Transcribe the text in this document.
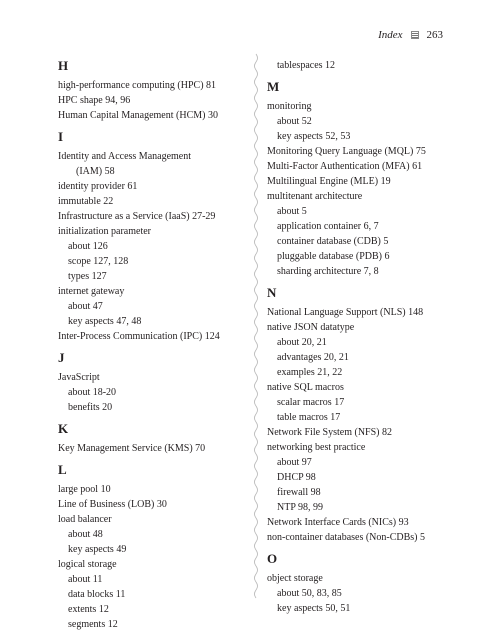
Index 263
H
high-performance computing (HPC) 81
HPC shape 94, 96
Human Capital Management (HCM) 30
I
Identity and Access Management
(IAM) 58
identity provider 61
immutable 22
Infrastructure as a Service (IaaS) 27-29
initialization parameter
about 126
scope 127, 128
types 127
internet gateway
about 47
key aspects 47, 48
Inter-Process Communication (IPC) 124
J
JavaScript
about 18-20
benefits 20
K
Key Management Service (KMS) 70
L
large pool 10
Line of Business (LOB) 30
load balancer
about 48
key aspects 49
logical storage
about 11
data blocks 11
extents 12
segments 12
tablespaces 12
M
monitoring
about 52
key aspects 52, 53
Monitoring Query Language (MQL) 75
Multi-Factor Authentication (MFA) 61
Multilingual Engine (MLE) 19
multitenant architecture
about 5
application container 6, 7
container database (CDB) 5
pluggable database (PDB) 6
sharding architecture 7, 8
N
National Language Support (NLS) 148
native JSON datatype
about 20, 21
advantages 20, 21
examples 21, 22
native SQL macros
scalar macros 17
table macros 17
Network File System (NFS) 82
networking best practice
about 97
DHCP 98
firewall 98
NTP 98, 99
Network Interface Cards (NICs) 93
non-container databases (Non-CDBs) 5
O
object storage
about 50, 83, 85
key aspects 50, 51
